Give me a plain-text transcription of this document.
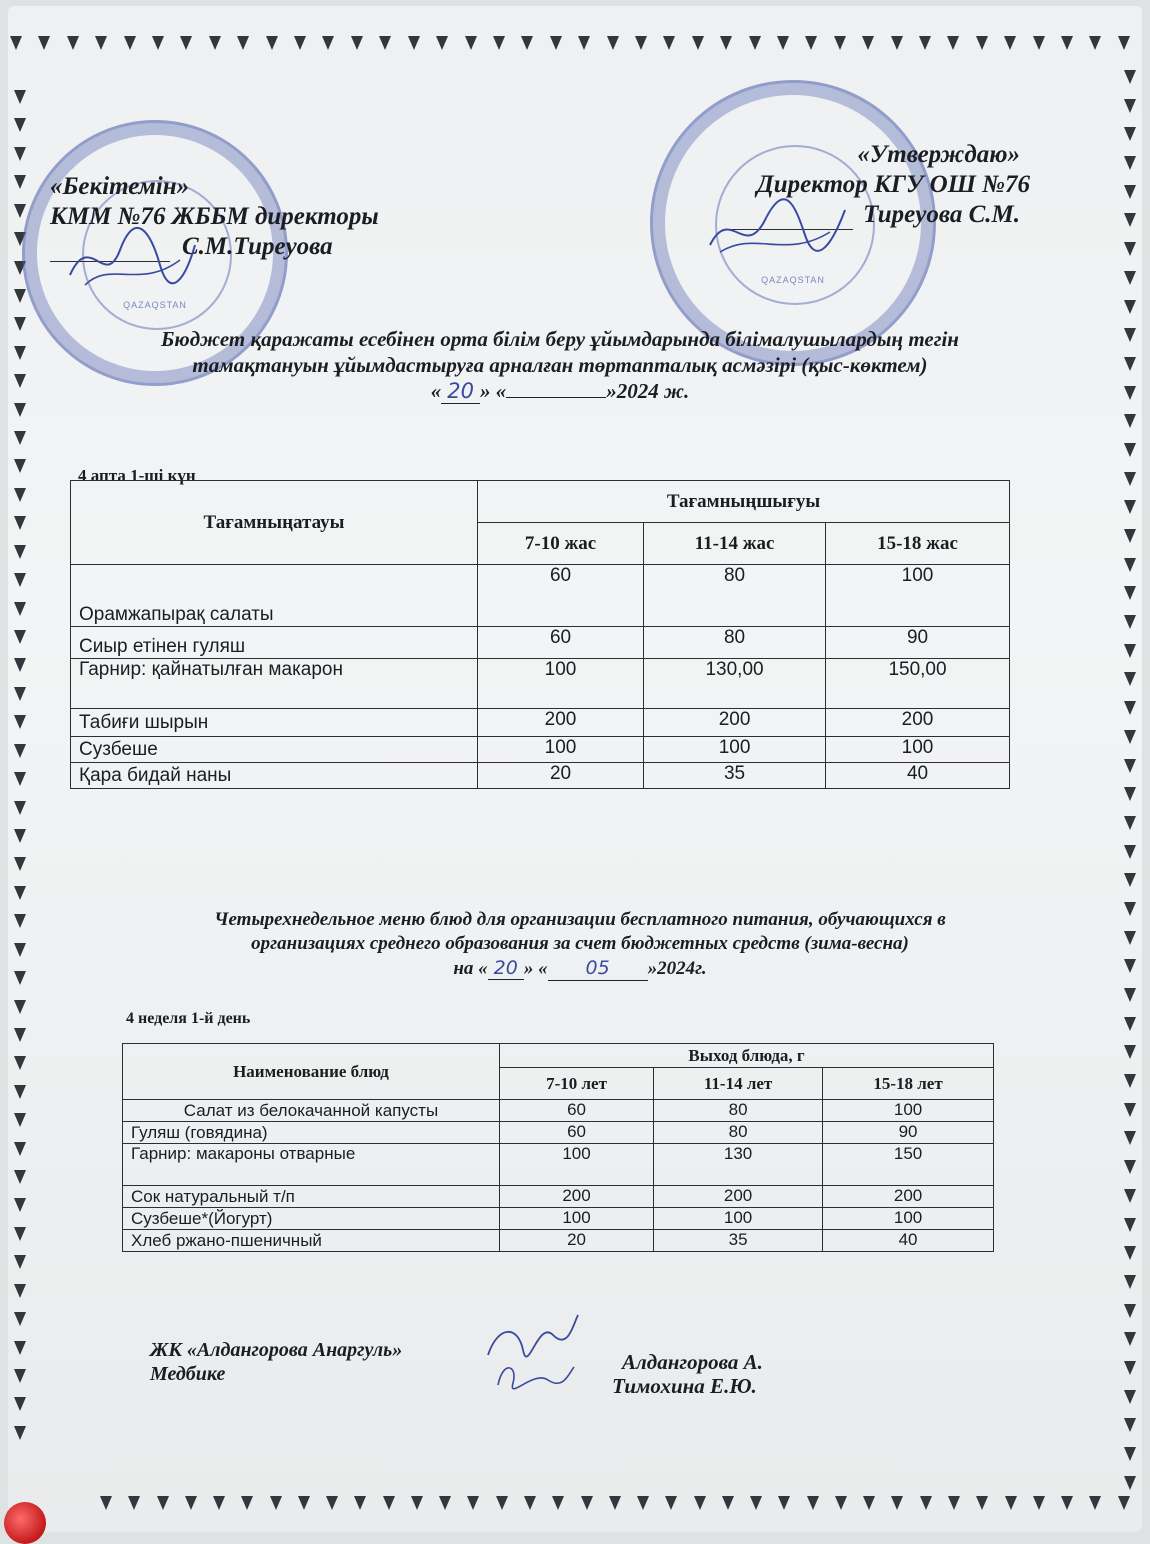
QAZAQSTAN
QAZAQSTAN
«Бекітемін»
КММ №76 ЖББМ директоры
С.М.Тиреуова
«Утверждаю»
Директор КГУ ОШ №76
Тиреуова С.М.
Бюджет қаражаты есебінен орта білім беру ұйымдарында білімалушылардың тегін
тамақтануын ұйымдастыруға арналған төртапталық асмәзірі (қыс-көктем)
« 20 » «	»2024 ж.
4 апта 1-ші күн
Тағамныңатауы	Тағамныңшығуы		
	7-10 жас	11-14 жас	15-18 жас
Орамжапырақ салаты	60	80	100
Сиыр етінен гуляш	60	80	90
Гарнир: қайнатылған макарон	100	130,00	150,00
Табиғи шырын	200	200	200
Сузбеше	100	100	100
Қара бидай наны	20	35	40
Четырехнедельное меню блюд для организации бесплатного питания, обучающихся в
организациях среднего образования за счет бюджетных средств (зима-весна)
на « 20 » « 05 »2024г.
4 неделя 1-й день
Наименование блюд	Выход блюда, г		
	7-10 лет	11-14 лет	15-18 лет
Салат из белокачанной капусты	60	80	100
Гуляш (говядина)	60	80	90
Гарнир: макароны отварные	100	130	150
Сок натуральный т/п	200	200	200
Сузбеше*(Йогурт)	100	100	100
Хлеб ржано-пшеничный	20	35	40
ЖК «Алдангорова Анаргуль»
Медбике	Алдангорова А.
Тимохина Е.Ю.
